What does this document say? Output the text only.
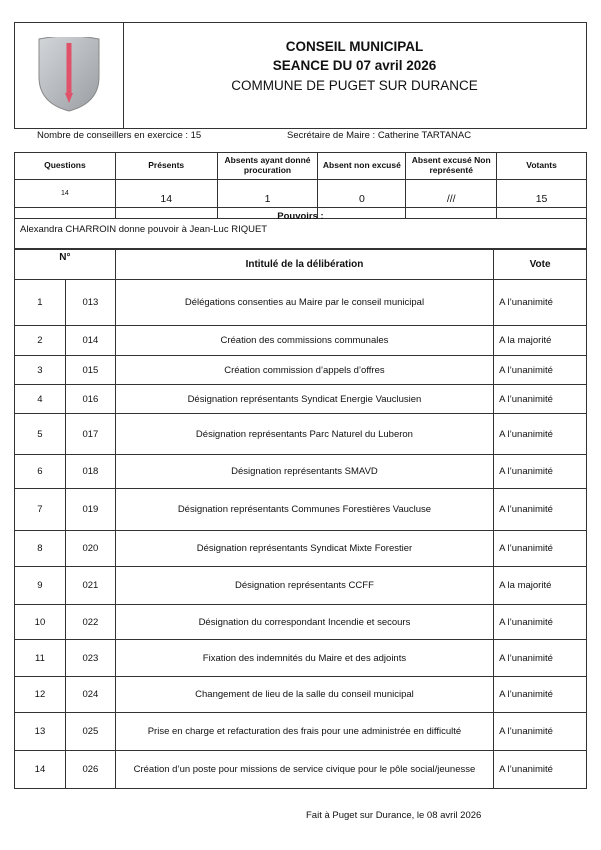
CONSEIL MUNICIPAL
SEANCE DU 07 avril 2026
COMMUNE DE PUGET SUR DURANCE
Nombre de conseillers en exercice : 15	Secrétaire de Maire : Catherine TARTANAC
Questions	Présents	Absents ayant donné procuration	Absent non excusé	Absent excusé Non représenté	Votants
14	14	1	0	///	15
Pouvoirs :
Alexandra CHARROIN donne pouvoir à Jean-Luc RIQUET
N°		Intitulé de la délibération	Vote
1	013	Délégations consenties au Maire par le conseil municipal	A l’unanimité
2	014	Création des commissions communales	A la majorité
3	015	Création commission d’appels d’offres	A l’unanimité
4	016	Désignation représentants Syndicat Energie Vauclusien	A l’unanimité
5	017	Désignation représentants Parc Naturel du Luberon	A l’unanimité
6	018	Désignation représentants SMAVD	A l’unanimité
7	019	Désignation représentants Communes Forestières Vaucluse	A l’unanimité
8	020	Désignation représentants Syndicat Mixte Forestier	A l’unanimité
9	021	Désignation représentants CCFF	A la majorité
10	022	Désignation du correspondant Incendie et secours	A l’unanimité
11	023	Fixation des indemnités du Maire et des adjoints	A l’unanimité
12	024	Changement de lieu de la salle du conseil municipal	A l’unanimité
13	025	Prise en charge et refacturation des frais pour une administrée en difficulté	A l’unanimité
14	026	Création d’un poste pour missions de service civique pour le pôle social/jeunesse	A l’unanimité
Fait à Puget sur Durance, le 08 avril 2026
